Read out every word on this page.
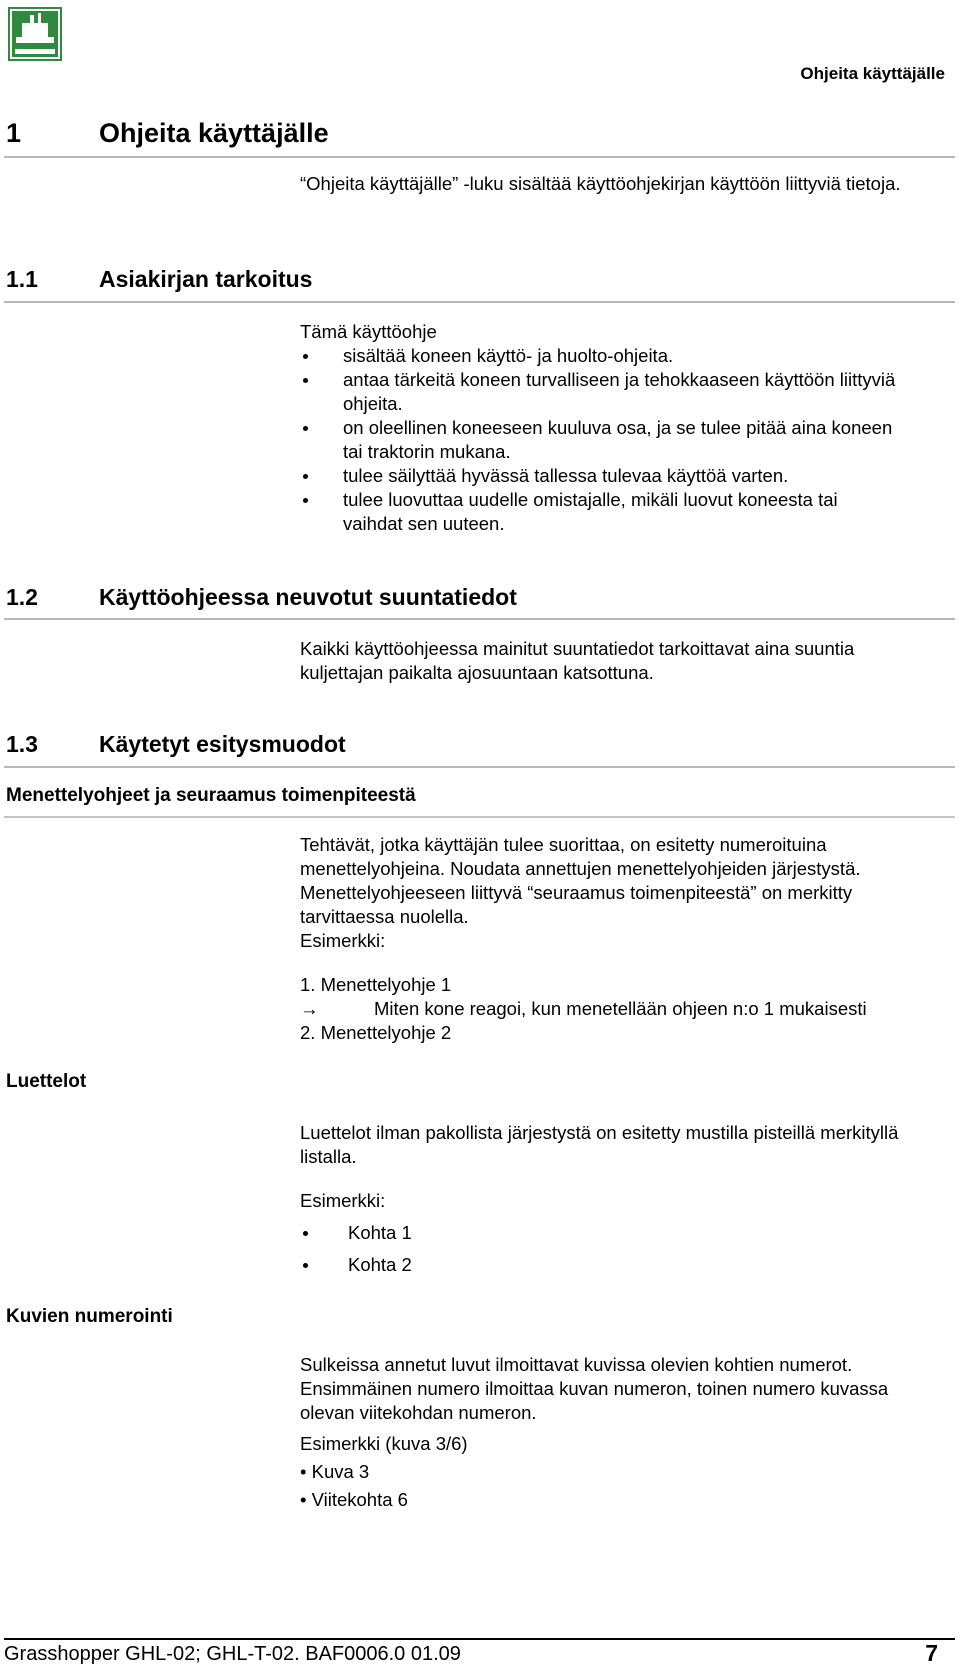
Ohjeita käyttäjälle
1	Ohjeita käyttäjälle
“Ohjeita käyttäjälle” -luku sisältää käyttöohjekirjan käyttöön liittyviä tietoja.
1.1	Asiakirjan tarkoitus

Tämä käyttöohje

sisältää koneen käyttö- ja huolto-ohjeita.
antaa tärkeitä koneen turvalliseen ja tehokkaaseen käyttöön liittyviä ohjeita.
on oleellinen koneeseen kuuluva osa, ja se tulee pitää aina koneen tai traktorin mukana.
tulee säilyttää hyvässä tallessa tulevaa käyttöä varten.
tulee luovuttaa uudelle omistajalle, mikäli luovut koneesta tai vaihdat sen uuteen.
1.2	Käyttöohjeessa neuvotut suuntatiedot
Kaikki käyttöohjeessa mainitut suuntatiedot tarkoittavat aina suuntia kuljettajan paikalta ajosuuntaan katsottuna.
1.3	Käytetyt esitysmuodot
Menettelyohjeet ja seuraamus toimenpiteestä

Tehtävät, jotka käyttäjän tulee suorittaa, on esitetty numeroituina menettelyohjeina. Noudata annettujen menettelyohjeiden järjestystä. Menettelyohjeeseen liittyvä “seuraamus toimenpiteestä” on merkitty tarvittaessa nuolella.

Esimerkki:

1. Menettelyohje 1

→	Miten kone reagoi, kun menetellään ohjeen n:o 1 mukaisesti

2. Menettelyohje 2

Luettelot

Luettelot ilman pakollista järjestystä on esitetty mustilla pisteillä merkityllä listalla.

Esimerkki:

Kohta 1
Kohta 2
Kuvien numerointi

Sulkeissa annetut luvut ilmoittavat kuvissa olevien kohtien numerot. Ensimmäinen numero ilmoittaa kuvan numeron, toinen numero kuvassa olevan viitekohdan numeron.

Esimerkki (kuva 3/6)

• Kuva 3

• Viitekohta 6

Grasshopper GHL-02; GHL-T-02. BAF0006.0 01.09	7
